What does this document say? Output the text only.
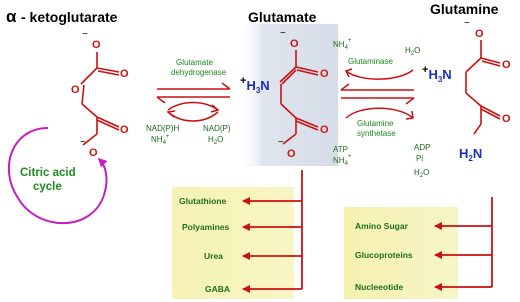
α - ketoglutarate	Glutamate	Glutamine
−
O
O
O
O
−
O
Citric acid
cycle
Glutamate
dehydrogenase
NAD(P)H
$NH_4^+$
NAD(P)
$H_2O$
−
O
O
$^+H_3N$
O
−
O
$NH_4^+$
$H_2O$
Glutaminase
Glutamine
synthetase
ATP
$NH_4^+$
ADP
Pi
$H_2O$
−
O
O
$^+H_3N$
O
$H_2N$
Glutathione
Polyamines
Urea
GABA
Amino Sugar
Glucoproteins
Nucleeotide
